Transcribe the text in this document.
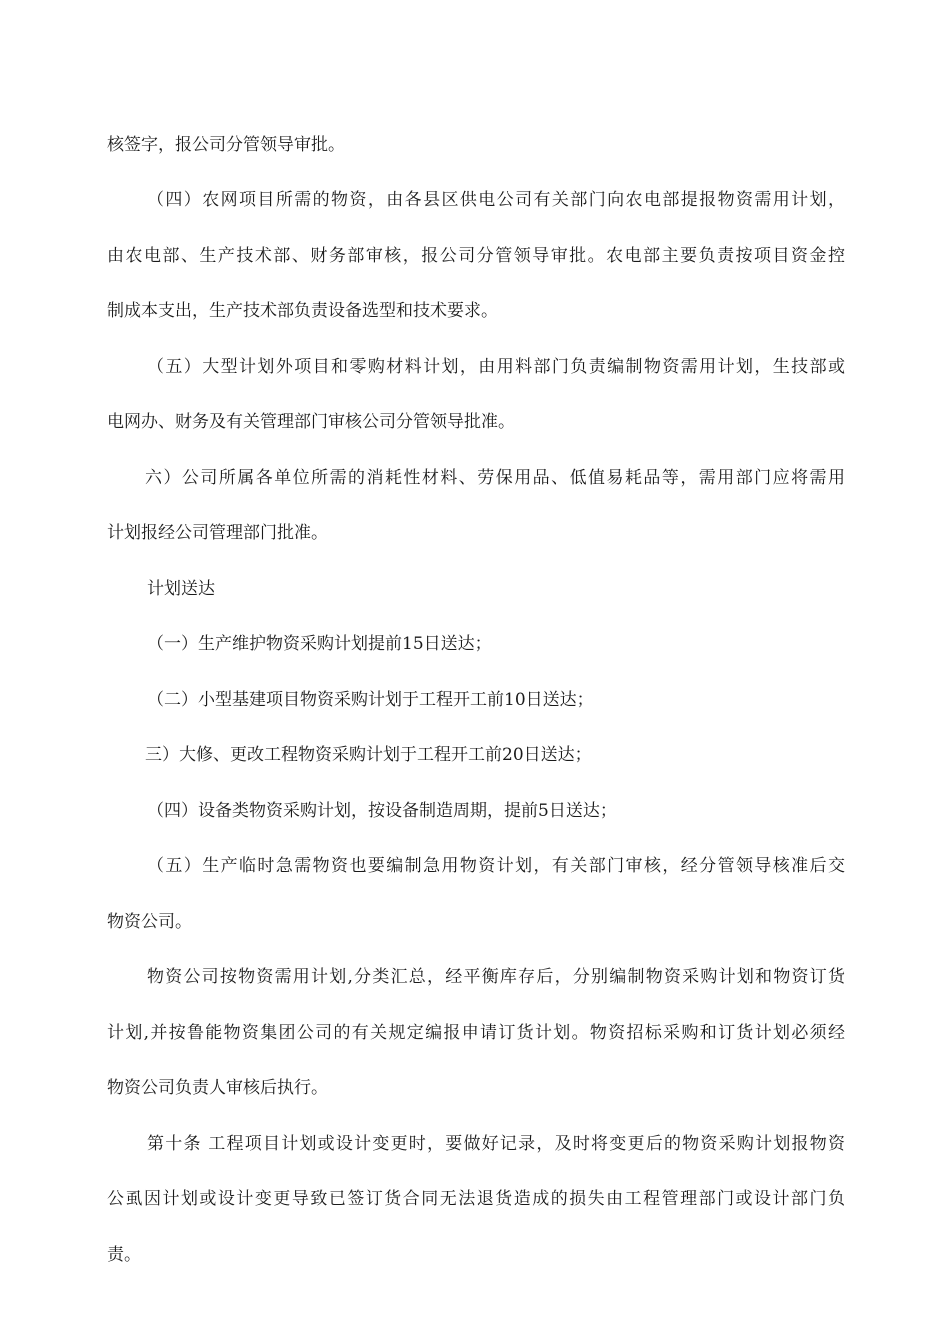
核签字，报公司分管领导审批。
（四）农网项目所需的物资，由各县区供电公司有关部门向农电部提报物资需用计划，
由农电部、生产技术部、财务部审核，报公司分管领导审批。农电部主要负责按项目资金控
制成本支出，生产技术部负责设备选型和技术要求。
（五）大型计划外项目和零购材料计划，由用料部门负责编制物资需用计划，生技部或
电网办、财务及有关管理部门审核公司分管领导批准。
六）公司所属各单位所需的消耗性材料、劳保用品、低值易耗品等，需用部门应将需用
计划报经公司管理部门批准。
计划送达
（一）生产维护物资采购计划提前15日送达；
（二）小型基建项目物资采购计划于工程开工前10日送达；
三）大修、更改工程物资采购计划于工程开工前20日送达；
（四）设备类物资采购计划，按设备制造周期，提前5日送达；
（五）生产临时急需物资也要编制急用物资计划，有关部门审核，经分管领导核准后交
物资公司。
物资公司按物资需用计划,分类汇总，经平衡库存后，分别编制物资采购计划和物资订货
计划,并按鲁能物资集团公司的有关规定编报申请订货计划。物资招标采购和订货计划必须经
物资公司负责人审核后执行。
第十条 工程项目计划或设计变更时，要做好记录，及时将变更后的物资采购计划报物资
公虱因计划或设计变更导致已签订货合同无法退货造成的损失由工程管理部门或设计部门负
责。
